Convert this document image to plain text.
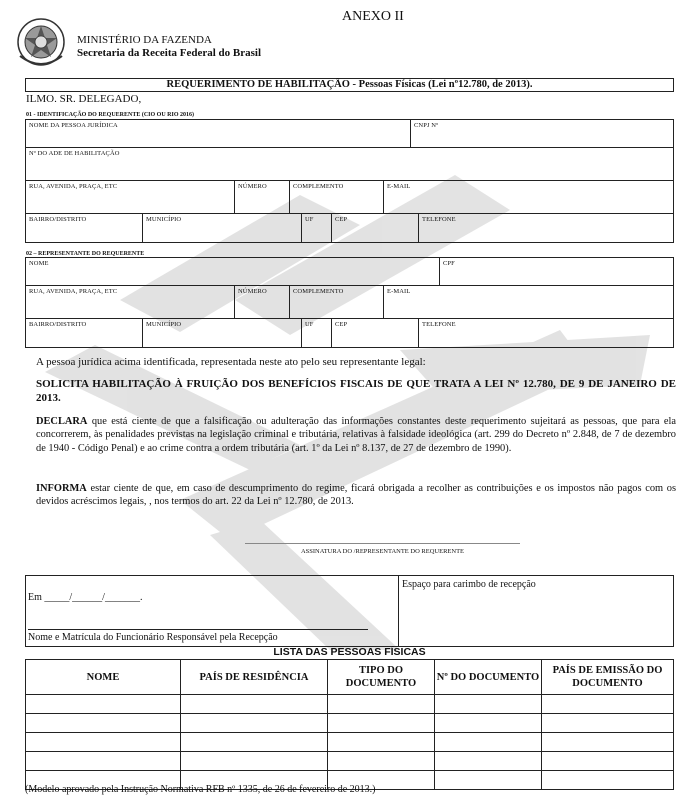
ANEXO II
MINISTÉRIO DA FAZENDA
Secretaria da Receita Federal do Brasil
REQUERIMENTO DE HABILITAÇÃO - Pessoas Físicas (Lei nº12.780, de 2013).
ILMO. SR. DELEGADO,
01 - IDENTIFICAÇÃO DO REQUERENTE (CIO OU RIO 2016)
NOME DA PESSOA JURÍDICA	CNPJ Nº
Nº DO ADE DE HABILITAÇÃO
RUA, AVENIDA, PRAÇA, ETC	NÚMERO	COMPLEMENTO	E-MAIL
BAIRRO/DISTRITO	MUNICÍPIO	UF	CEP	TELEFONE
02 – REPRESENTANTE DO REQUERENTE
NOME	CPF
RUA, AVENIDA, PRAÇA, ETC	NÚMERO	COMPLEMENTO	E-MAIL
BAIRRO/DISTRITO	MUNICÍPIO	UF	CEP	TELEFONE
A pessoa jurídica acima identificada, representada neste ato pelo seu representante legal:
SOLICITA HABILITAÇÃO À FRUIÇÃO DOS BENEFÍCIOS FISCAIS DE QUE TRATA A LEI Nº 12.780, DE 9 DE JANEIRO DE 2013.
DECLARA que está ciente de que a falsificação ou adulteração das informações constantes deste requerimento sujeitará as pessoas, que para ela concorrerem, às penalidades previstas na legislação criminal e tributária, relativas à falsidade ideológica (art. 299 do Decreto nº 2.848, de 7 de dezembro de 1940 - Código Penal) e ao crime contra a ordem tributária (art. 1º da Lei nº 8.137, de 27 de dezembro de 1990).
INFORMA estar ciente de que, em caso de descumprimento do regime, ficará obrigada a recolher as contribuições e os impostos não pagos com os devidos acréscimos legais, , nos termos do art. 22 da Lei nº 12.780, de 2013.
ASSINATURA DO /REPRESENTANTE DO REQUERENTE
Espaço para carimbo de recepção
Em _____/______/_______.
Nome e Matrícula do Funcionário Responsável pela Recepção
LISTA DAS PESSOAS FÍSICAS
NOME	PAÍS DE RESIDÊNCIA	TIPO DO DOCUMENTO	Nº DO DOCUMENTO	PAÍS DE EMISSÃO DO DOCUMENTO

(Modelo aprovado pela Instrução Normativa RFB nº 1335, de 26 de fevereiro de 2013.)
